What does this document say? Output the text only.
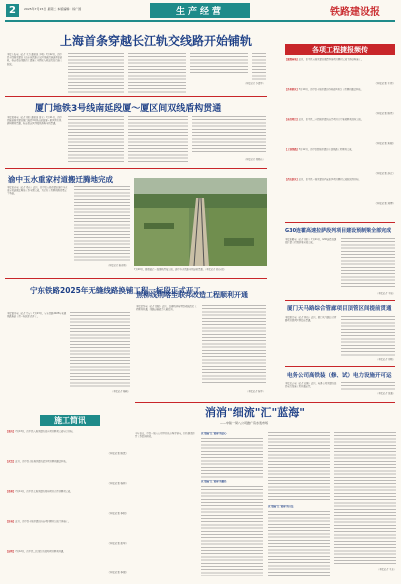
2	2025年7月15日 星期二 本版编辑：杨广国	生产经营	铁路建设报
上海首条穿越长江轨交线路开始铺轨
本报上海电（记者 王力 通讯员 李明）7月12日，由中铁十四局承建的上海市域铁路示范区线越江隧道开始铺轨，标志着该线路由土建施工全面转入轨道及站后施工阶段。
（本报记者 李建华）
厦门地铁3号线南延段厦～厦区间双线盾构贯通
本报福州电（记者 刘伟 通讯员 张立）7月11日，由中铁隧道局承建的厦门地铁3号线南延段厦～厦区间右线盾构顺利贯通，标志着该区间双线盾构全线贯通。
（本报记者 郑晓东）
渝中玉水重家村道搬迁腾地完成
本报重庆电（记者 邓东）近日，由中铁八局承建的渝中玉水重家村道搬迁腾地工作全面完成，为后续工程顺利推进奠定了基础。
（本报记者 陈光明）
7月10日，随着最后一段钢轨焊接完成，渝中玉水铁路全线铺轨贯通。（本报记者 孙涛 摄）
宁东铁路2025年无缝线路换铺工程一标段正式开工
本报银川电（记者 马宁）7月13日，宁东铁路2025年无缝线路换铺工程一标段正式开工。
（本报记者 杨帆）
焦柳线荆喀至联邦改造工程顺利开通
本报武汉电（记者 胡斌）近日，焦柳线荆喀至联邦段改造工程顺利开通，线路运输能力大幅提升。
（本报记者 陈华）
各项工程捷报频传
【湘潭基地】近日，由中铁五局承建的湘潭基地项目顺利完成主体结构施工。
（本报记者 王伟）
【苏州港区】7月10日，由中铁十局承建的苏州港区码头工程顺利通过验收。
（本报记者 陈亮）
【南昌项目】近日，由中铁二十四局承建的南昌项目首片箱梁顺利浇筑完成。
（本报记者 朱刚）
【上饶线路】7月12日，由中铁四局承建的上饶线路工程顺利完成。
（本报记者 孙立）
【西安新区】近日，由中铁一局承建的西安新区项目顺利完成阶段性目标。
（本报记者 刘博）
G30连霍高速拉萨段列项目建设预制梁全部完成
本报新疆电（记者 刘伟）7月11日，G30连霍高速改扩建工程预制梁全部完成。
（本报记者 王敏）
厦门天马路综合管廊项目顶管区间提前贯通
本报厦门电（记者 林海）近日，厦门天马路综合管廊项目顶管区间提前贯通。
（本报记者 刘明）
电务公司高铁装（修、试）电力设施开可运
本报北京电（记者 赵刚）近日，电务公司承建的高铁电力设施工程开通运营。
（本报记者 张强）
施工简讯
【重庆】7月13日，由中铁八局承建的重庆项目顺利完成年度目标。
（本报记者 陈思）
【武汉】近日，由中铁大桥局承建的武汉项目顺利通过验收。
（本报记者 杨林）
【郑州】7月11日，由中铁七局承建的郑州项目首件制顺利完成。
（本报记者 李阳）
【济南】近日，由中铁十局承建的济南项目顺利完成主体施工。
（本报记者 张华）
【昆明】7月12日，由中铁二院设计的昆明项目顺利开通。
（本报记者 李丽）
消消"细流"汇"蓝海"
——中铁一局八公司推广有水表市场
今年以来，中铁一局八公司坚持以市场为导向，持续推进经营工作提质增效。
以"细流"汇"蓝海"的信心
以"细流"汇"蓝海"的路径
以"细流"汇"蓝海"的方法
（本报记者 王永）
